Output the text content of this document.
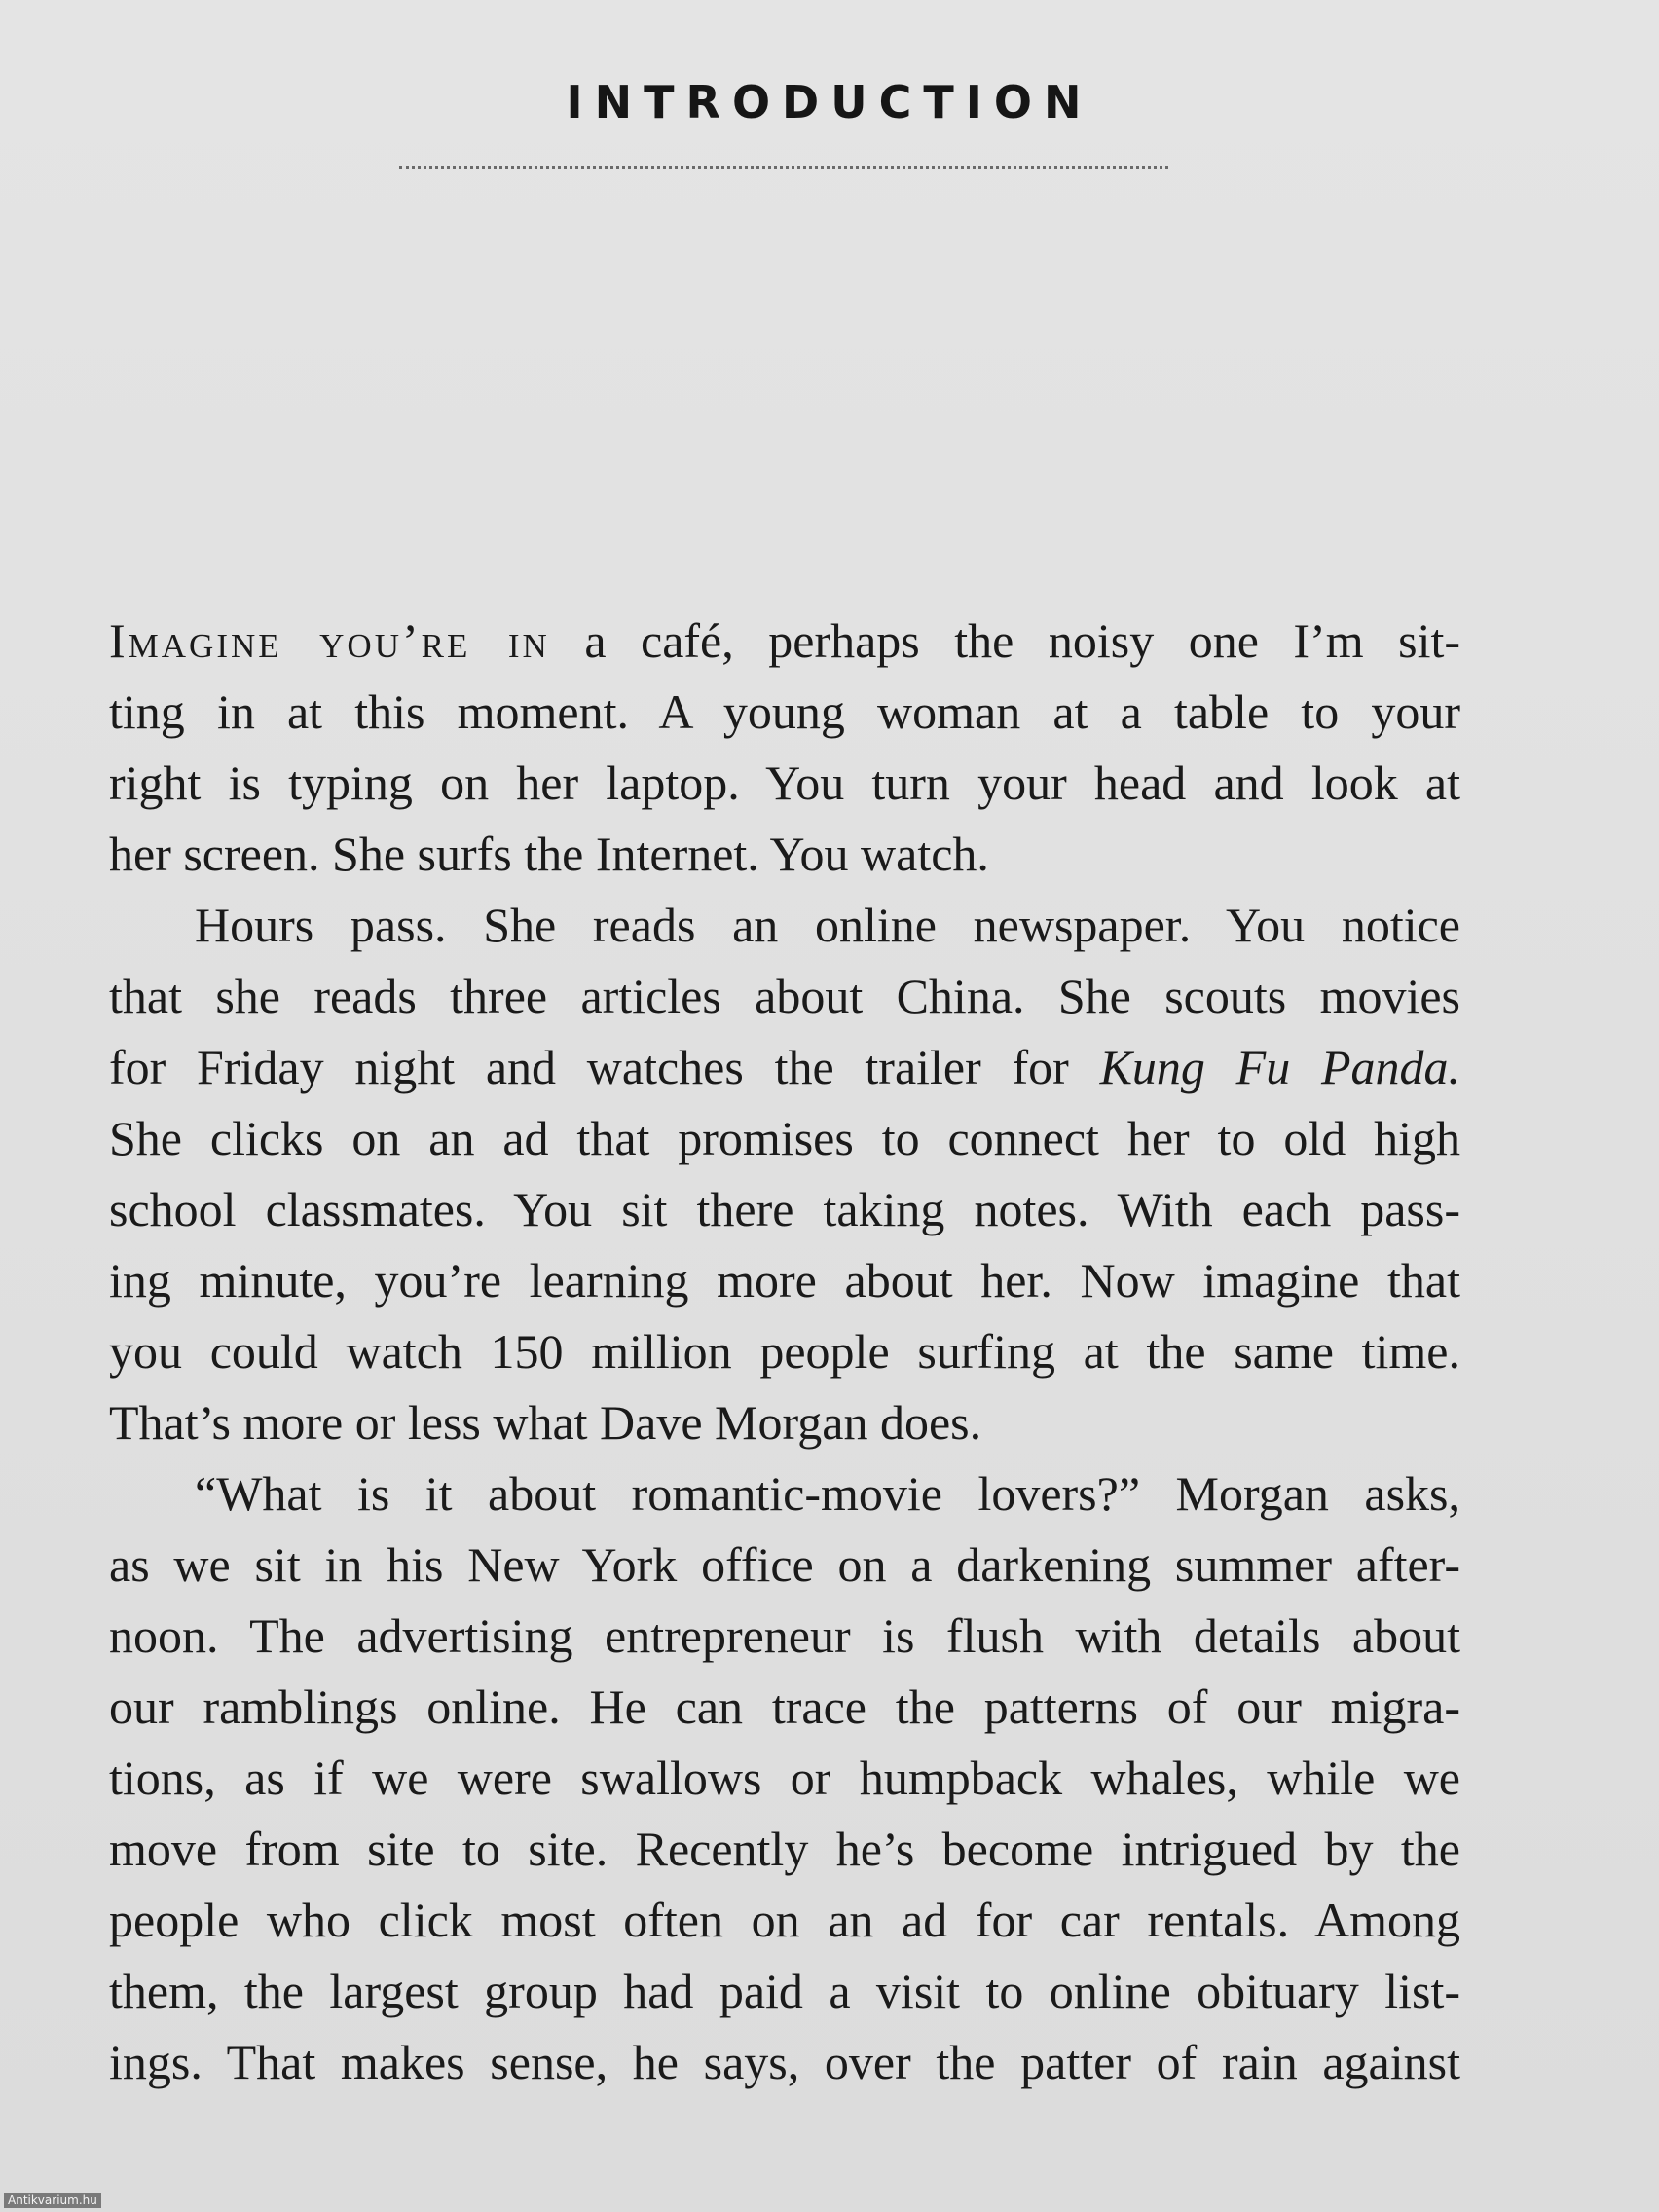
INTRODUCTION
Imagine you’re in a café, perhaps the noisy one I’m sit-
ting in at this moment. A young woman at a table to your
right is typing on her laptop. You turn your head and look at
her screen. She surfs the Internet. You watch.
Hours pass. She reads an online newspaper. You notice
that she reads three articles about China. She scouts movies
for Friday night and watches the trailer for Kung Fu Panda.
She clicks on an ad that promises to connect her to old high
school classmates. You sit there taking notes. With each pass-
ing minute, you’re learning more about her. Now imagine that
you could watch 150 million people surfing at the same time.
That’s more or less what Dave Morgan does.
“What is it about romantic-movie lovers?” Morgan asks,
as we sit in his New York office on a darkening summer after-
noon. The advertising entrepreneur is flush with details about
our ramblings online. He can trace the patterns of our migra-
tions, as if we were swallows or humpback whales, while we
move from site to site. Recently he’s become intrigued by the
people who click most often on an ad for car rentals. Among
them, the largest group had paid a visit to online obituary list-
ings. That makes sense, he says, over the patter of rain against
Antikvarium.hu
